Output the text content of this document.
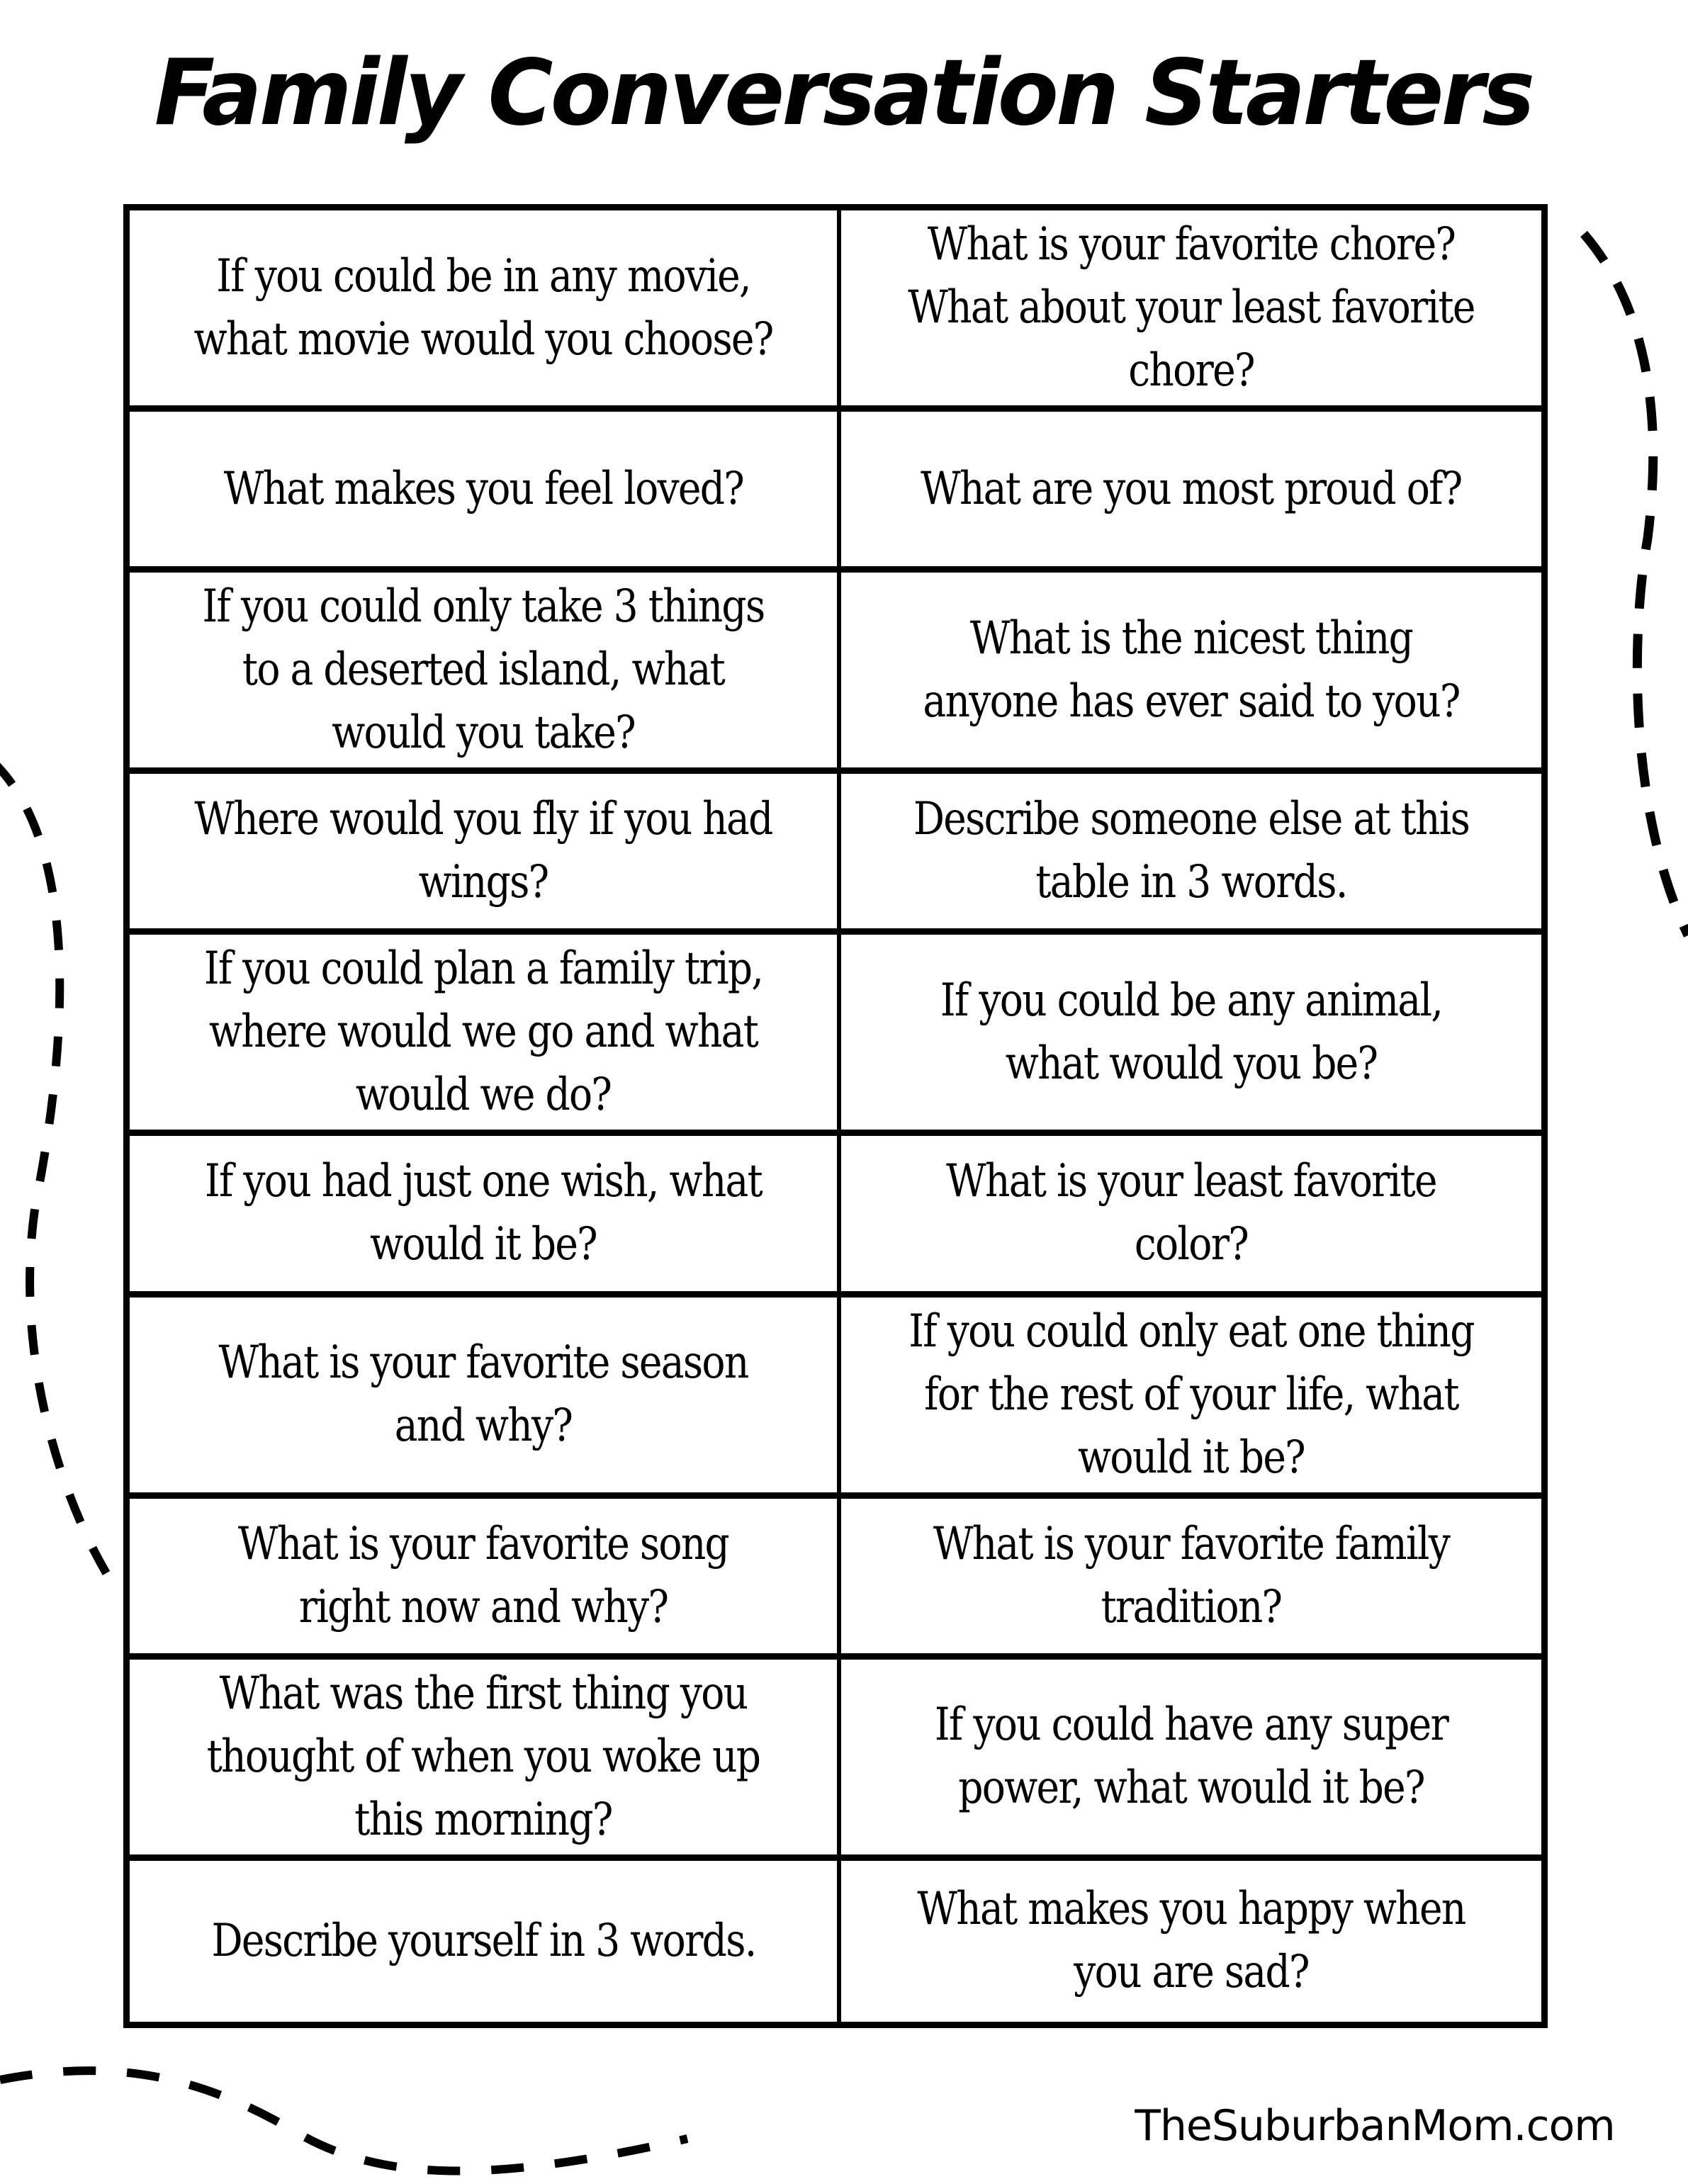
Family Conversation Starters
If you could be in any movie, what movie would you choose?
What is your favorite chore? What about your least favorite chore?
What makes you feel loved?	What are you most proud of?
If you could only take 3 things to a deserted island, what would you take?
What is the nicest thing anyone has ever said to you?
Where would you fly if you had wings?
Describe someone else at this table in 3 words.
If you could plan a family trip, where would we go and what would we do?
If you could be any animal, what would you be?
If you had just one wish, what would it be?
What is your least favorite color?
What is your favorite season and why?
If you could only eat one thing for the rest of your life, what would it be?
What is your favorite song right now and why?
What is your favorite family tradition?
What was the first thing you thought of when you woke up this morning?
If you could have any super power, what would it be?
Describe yourself in 3 words.
What makes you happy when you are sad?
TheSuburbanMom.com
